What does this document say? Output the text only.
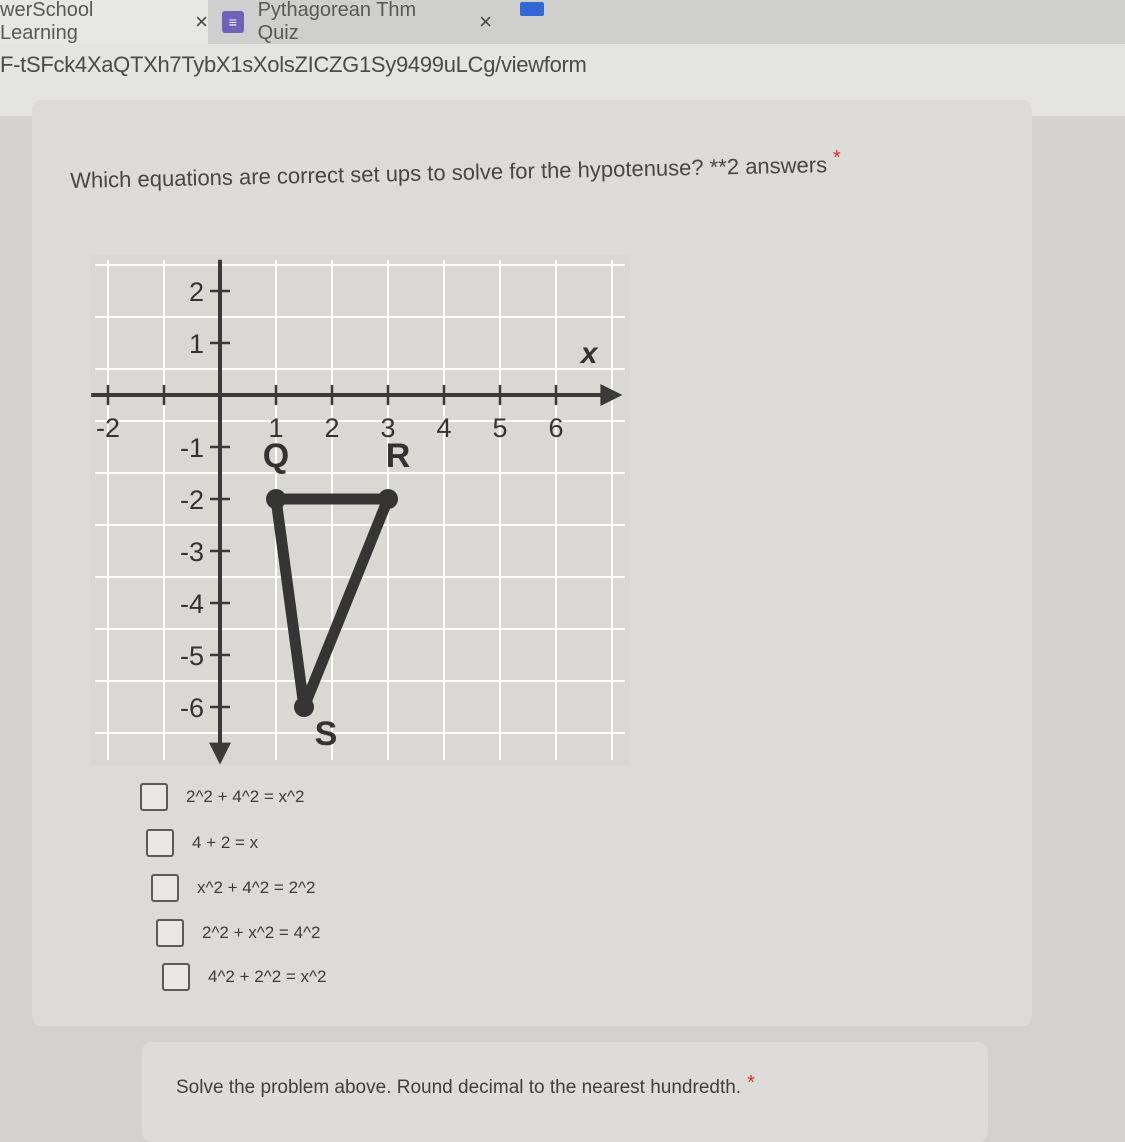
werSchool Learning	×	≡
Pythagorean Thm Quiz	×
F-tSFck4XaQTXh7TybX1sXolsZICZG1Sy9499uLCg/viewform
Which equations are correct set ups to solve for the hypotenuse? **2 answers *
x
-2	1 2 3 4 5 6
2
1
-1
-2
-3
-4
-5
-6
Q	R
S
2^2 + 4^2 = x^2
4 + 2 = x
x^2 + 4^2 = 2^2
2^2 + x^2 = 4^2
4^2 + 2^2 = x^2
Solve the problem above. Round decimal to the nearest hundredth. *
